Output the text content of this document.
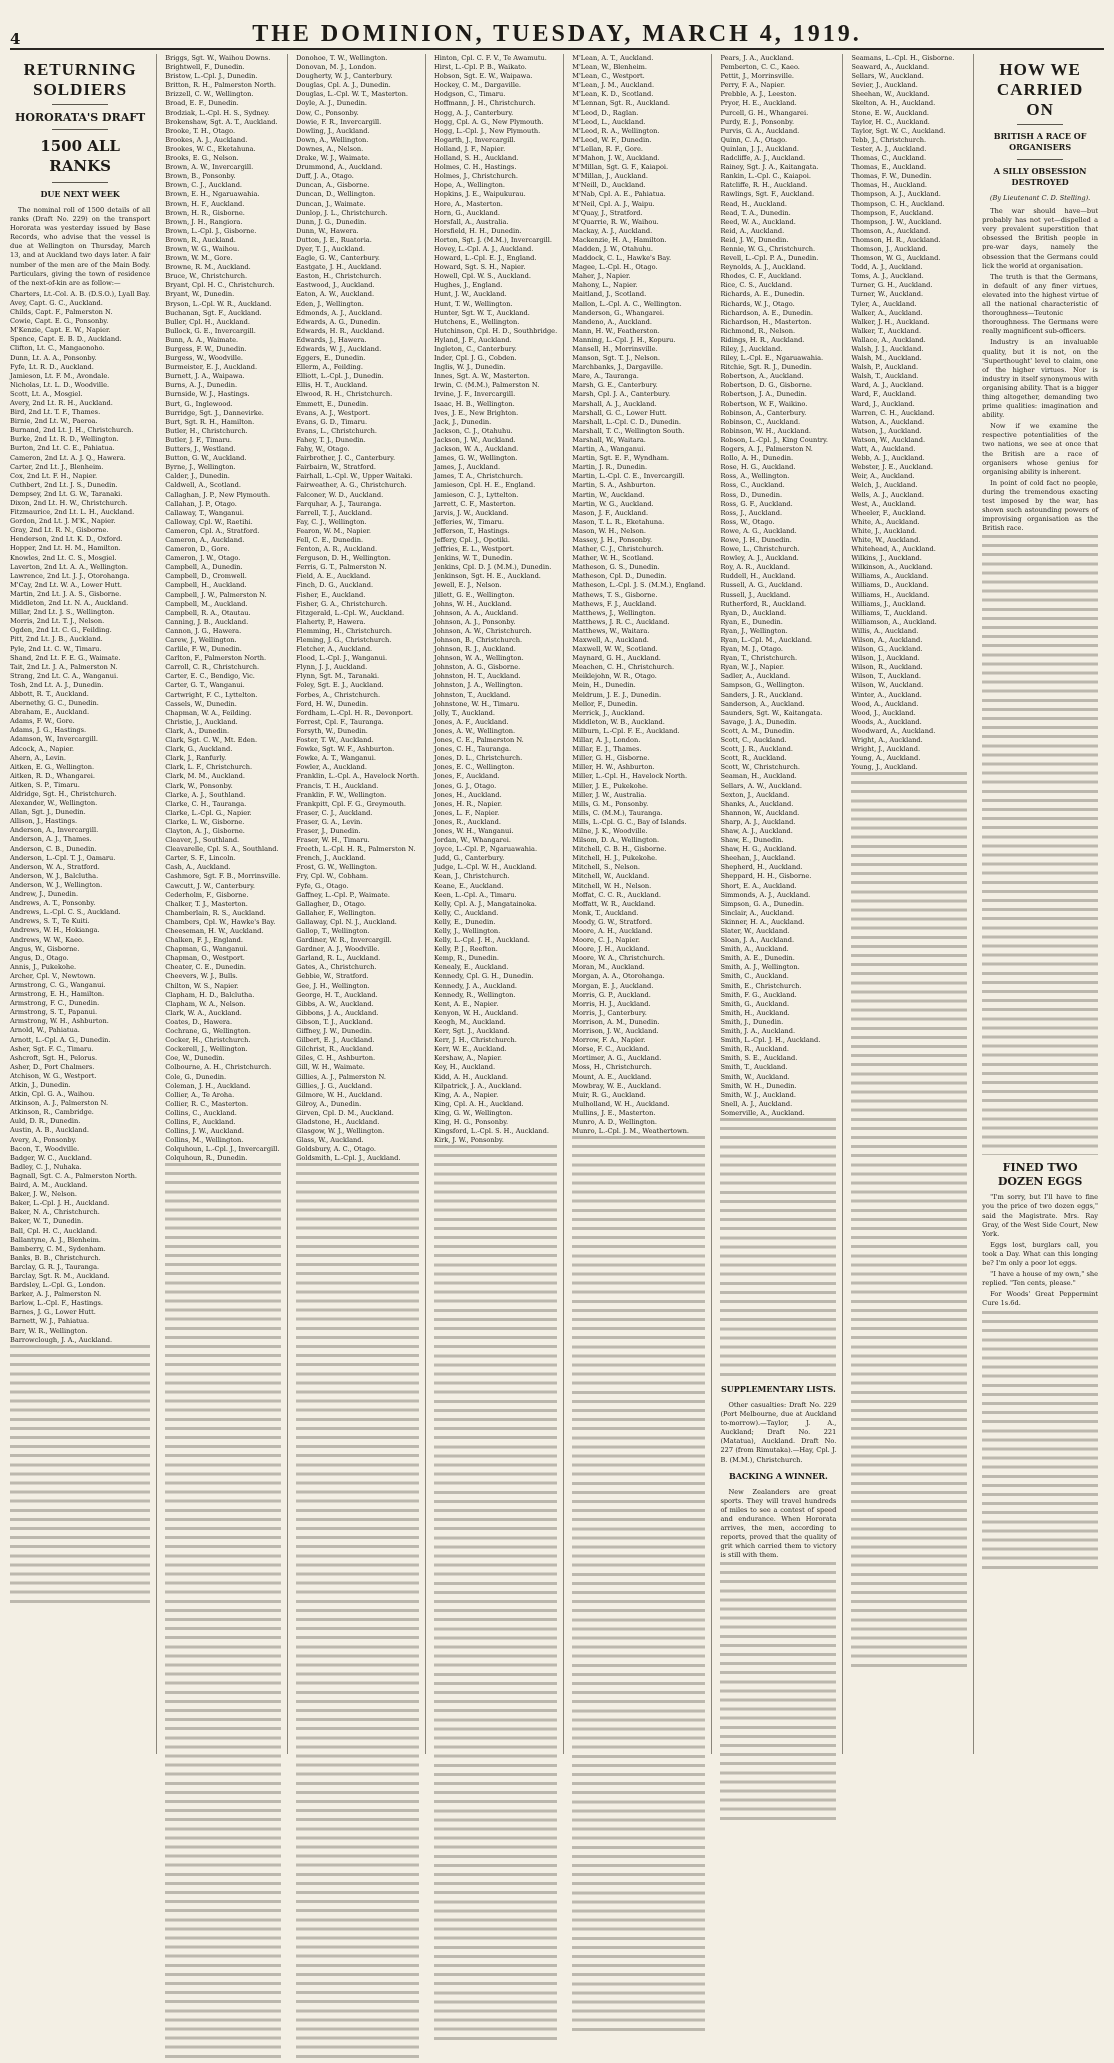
4	THE DOMINION, TUESDAY, MARCH 4, 1919.
RETURNING SOLDIERS
HORORATA'S DRAFT
1500 ALL RANKS
DUE NEXT WEEK
The nominal roll of 1500 details of all ranks (Draft No. 229) on the transport Hororata was yesterday issued by Base Records, who advise that the vessel is due at Wellington on Thursday, March 13, and at Auckland two days later. A fair number of the men are of the Main Body. Particulars, giving the town of residence of the next-of-kin are as follow:—
Charters, Lt.-Col. A. B. (D.S.O.), Lyall Bay.
Avey, Capt. G. C., Auckland.
Childs, Capt. F., Palmerston N.
Cowie, Capt. E. G., Ponsonby.
M'Kenzie, Capt. E. W., Napier.
Spence, Capt. E. B. D., Auckland.
Clifton, Lt. C., Mangaonoho.
Dunn, Lt. A. A., Ponsonby.
Fyfe, Lt. R. D., Auckland.
Jamieson, Lt. F. M., Avondale.
Nicholas, Lt. L. D., Woodville.
Scott, Lt. A., Mosgiel.
Avery, 2nd Lt. R. H., Auckland.
Bird, 2nd Lt. T. F., Thames.
Birnie, 2nd Lt. W., Paeroa.
Burnand, 2nd Lt. J. H., Christchurch.
Burke, 2nd Lt. R. D., Wellington.
Burton, 2nd Lt. C. E., Pahiatua.
Cameron, 2nd Lt. A. J. Q., Hawera.
Carter, 2nd Lt. J., Blenheim.
Cox, 2nd Lt. F. H., Napier.
Cuthbert, 2nd Lt. J. S., Dunedin.
Dempsey, 2nd Lt. G. W., Taranaki.
Dixon, 2nd Lt. H. W., Christchurch.
Fitzmaurice, 2nd Lt. L. H., Auckland.
Gordon, 2nd Lt. J. M'K., Napier.
Gray, 2nd Lt. R. N., Gisborne.
Henderson, 2nd Lt. K. D., Oxford.
Hopper, 2nd Lt. H. M., Hamilton.
Knowles, 2nd Lt. C. S., Mosgiel.
Laverton, 2nd Lt. A. A., Wellington.
Lawrence, 2nd Lt. J. J., Otorohanga.
M'Cay, 2nd Lt. W. A., Lower Hutt.
Martin, 2nd Lt. J. A. S., Gisborne.
Middleton, 2nd Lt. N. A., Auckland.
Millar, 2nd Lt. J. S., Wellington.
Morris, 2nd Lt. T. J., Nelson.
Ogden, 2nd Lt. C. G., Feilding.
Pitt, 2nd Lt. J. B., Auckland.
Pyle, 2nd Lt. C. W., Timaru.
Shand, 2nd Lt. F. E. G., Waimate.
Tait, 2nd Lt. J. A., Palmerston N.
Strang, 2nd Lt. C. A., Wanganui.
Tosh, 2nd Lt. A. J., Dunedin.
Abbott, R. T., Auckland.
Abernethy, G. C., Dunedin.
Abraham, E., Auckland.
Adams, F. W., Gore.
Adams, J. G., Hastings.
Adamson, W., Invercargill.
Adcock, A., Napier.
Ahern, A., Levin.
Aitken, E. G., Wellington.
Aitken, R. D., Whangarei.
Aitken, S. P., Timaru.
Aldridge, Sgt. H., Christchurch.
Alexander, W., Wellington.
Allan, Sgt. J., Dunedin.
Allison, J., Hastings.
Anderson, A., Invercargill.
Anderson, A. J., Thames.
Anderson, C. B., Dunedin.
Anderson, L.-Cpl. T. J., Oamaru.
Anderson, W. A., Stratford.
Anderson, W. J., Balclutha.
Anderson, W. J., Wellington.
Andrew, J., Dunedin.
Andrews, A. T., Ponsonby.
Andrews, L.-Cpl. C. S., Auckland.
Andrews, S. T., Te Kuiti.
Andrews, W. H., Hokianga.
Andrews, W. W., Kaeo.
Angus, W., Gisborne.
Angus, D., Otago.
Annis, J., Pukekohe.
Archer, Cpl. V., Newtown.
Armstrong, C. G., Wanganui.
Armstrong, E. H., Hamilton.
Armstrong, F. C., Dunedin.
Armstrong, S. T., Papanui.
Armstrong, W. H., Ashburton.
Arnold, W., Pahiatua.
Arnott, L.-Cpl. A. G., Dunedin.
Asher, Sgt. F. C., Timaru.
Ashcroft, Sgt. H., Pelorus.
Asher, D., Port Chalmers.
Atchison, W. G., Westport.
Atkin, J., Dunedin.
Atkin, Cpl. G. A., Waihou.
Atkinson, A. J., Palmerston N.
Atkinson, R., Cambridge.
Auld, D. R., Dunedin.
Austin, A. B., Auckland.
Avery, A., Ponsonby.
Bacon, T., Woodville.
Badger, W. C., Auckland.
Badley, C. J., Nuhaka.
Bagnall, Sgt. C. A., Palmerston North.
Baird, A. M., Auckland.
Baker, J. W., Nelson.
Baker, L.-Cpl. J. H., Auckland.
Baker, N. A., Christchurch.
Baker, W. T., Dunedin.
Ball, Cpl. H. C., Auckland.
Ballantyne, A. J., Blenheim.
Bamberry, C. M., Sydenham.
Banks, B. B., Christchurch.
Barclay, G. R. J., Tauranga.
Barclay, Sgt. R. M., Auckland.
Bardsley, L.-Cpl. G., London.
Barker, A. J., Palmerston N.
Barlow, L.-Cpl. F., Hastings.
Barnes, J. G., Lower Hutt.
Barnett, W. J., Pahiatua.
Barr, W. R., Wellington.
Barrowclough, J. A., Auckland.
Briggs, Sgt. W., Waihou Downs.
Brightwell, F., Dunedin.
Bristow, L.-Cpl. J., Dunedin.
Britton, R. H., Palmerston North.
Brizzell, C. W., Wellington.
Broad, E. F., Dunedin.
Brodziak, L.-Cpl. H. S., Sydney.
Brokenshaw, Sgt. A. T., Auckland.
Brooke, T. H., Otago.
Brookes, A. J., Auckland.
Brookes, W. C., Eketahuna.
Brooks, E. G., Nelson.
Brown, A. W., Invercargill.
Brown, B., Ponsonby.
Brown, C. J., Auckland.
Brown, E. H., Ngaruawahia.
Brown, H. F., Auckland.
Brown, H. R., Gisborne.
Brown, J. H., Rangiora.
Brown, L.-Cpl. J., Gisborne.
Brown, R., Auckland.
Brown, W. G., Waihou.
Brown, W. M., Gore.
Browne, R. M., Auckland.
Bruce, W., Christchurch.
Bryant, Cpl. H. C., Christchurch.
Bryant, W., Dunedin.
Bryson, L.-Cpl. W. R., Auckland.
Buchanan, Sgt. F., Auckland.
Buller, Cpl. H., Auckland.
Bullock, G. E., Invercargill.
Bunn, A. A., Waimate.
Burgess, F. W., Dunedin.
Burgess, W., Woodville.
Burmeister, E. J., Auckland.
Burnett, J. A., Waipawa.
Burns, A. J., Dunedin.
Burnside, W. J., Hastings.
Burt, G., Inglewood.
Burridge, Sgt. J., Dannevirke.
Burt, Sgt. R. H., Hamilton.
Butler, H., Christchurch.
Butler, J. F., Timaru.
Butters, J., Westland.
Button, G. W., Auckland.
Byrne, J., Wellington.
Calder, J., Dunedin.
Caldwell, A., Scotland.
Callaghan, J. P., New Plymouth.
Callahan, J. P., Otago.
Callaway, T., Wanganui.
Calloway, Cpl. W., Raetihi.
Cameron, Cpl. A., Stratford.
Cameron, A., Auckland.
Cameron, D., Gore.
Cameron, J. W., Otago.
Campbell, A., Dunedin.
Campbell, D., Cromwell.
Campbell, H., Auckland.
Campbell, J. W., Palmerston N.
Campbell, M., Auckland.
Campbell, R. A., Otautau.
Canning, J. B., Auckland.
Cannon, J. G., Hawera.
Carew, J., Wellington.
Carlile, F. W., Dunedin.
Carlton, F., Palmerston North.
Carroll, C. R., Christchurch.
Carter, E. C., Bendigo, Vic.
Carter, G. T., Wanganui.
Cartwright, F. C., Lyttelton.
Cassels, W., Dunedin.
Chapman, W. A., Feilding.
Christie, J., Auckland.
Clark, A., Dunedin.
Clark, Sgt. C. W., Mt. Eden.
Clark, G., Auckland.
Clark, J., Ranfurly.
Clark, L. F., Christchurch.
Clark, M. M., Auckland.
Clark, W., Ponsonby.
Clarke, A. J., Southland.
Clarke, C. H., Tauranga.
Clarke, L.-Cpl. G., Napier.
Clarke, L. W., Gisborne.
Clayton, A. J., Gisborne.
Cleaver, J., Southland.
Cleavarelle, Cpl. S. A., Southland.
Carter, S. F., Lincoln.
Cash, A., Auckland.
Cashmore, Sgt. F. B., Morrinsville.
Cawcutt, J. W., Canterbury.
Cederholm, F., Gisborne.
Chalker, T. J., Masterton.
Chamberlain, R. S., Auckland.
Chambers, Cpl. W., Hawke's Bay.
Cheeseman, H. W., Auckland.
Chalken, F. J., England.
Chapman, G., Wanganui.
Chapman, O., Westport.
Cheater, C. E., Dunedin.
Cheevers, W. J., Bulls.
Chilton, W. S., Napier.
Clapham, H. D., Balclutha.
Clapham, W. A., Nelson.
Clark, W. A., Auckland.
Coates, D., Hawera.
Cochrane, G., Wellington.
Cocker, H., Christchurch.
Cockerell, J., Wellington.
Coe, W., Dunedin.
Colbourne, A. H., Christchurch.
Cole, G., Dunedin.
Coleman, J. H., Auckland.
Collier, A., Te Aroha.
Collier, R. C., Masterton.
Collins, C., Auckland.
Collins, F., Auckland.
Collins, J. W., Auckland.
Collins, M., Wellington.
Colquhoun, L.-Cpl. J., Invercargill.
Colquhoun, R., Dunedin.
Donohoe, T. W., Wellington.
Donovan, M. J., London.
Dougherty, W. J., Canterbury.
Douglas, Cpl. A. J., Dunedin.
Douglas, L.-Cpl. W. T., Masterton.
Doyle, A. J., Dunedin.
Dow, C., Ponsonby.
Dowie, F. R., Invercargill.
Dowling, J., Auckland.
Down, A., Wellington.
Downes, A., Nelson.
Drake, W. J., Waimate.
Drummond, A., Auckland.
Duff, J. A., Otago.
Duncan, A., Gisborne.
Duncan, D., Wellington.
Duncan, J., Waimate.
Dunlop, J. L., Christchurch.
Dunn, J. G., Dunedin.
Dunn, W., Hawera.
Dutton, J. E., Ruatoria.
Dyer, T. J., Auckland.
Eagle, G. W., Canterbury.
Eastgate, J. H., Auckland.
Easton, H., Christchurch.
Eastwood, J., Auckland.
Eaton, A. W., Auckland.
Eden, J., Wellington.
Edmonds, A. J., Auckland.
Edwards, A. G., Dunedin.
Edwards, H. R., Auckland.
Edwards, J., Hawera.
Edwards, W. J., Auckland.
Eggers, E., Dunedin.
Ellerm, A., Feilding.
Elliott, L.-Cpl. J., Dunedin.
Ellis, H. T., Auckland.
Elwood, R. H., Christchurch.
Emmett, E., Dunedin.
Evans, A. J., Westport.
Evans, G. D., Timaru.
Evans, L., Christchurch.
Fahey, T. J., Dunedin.
Fahy, W., Otago.
Fairbrother, J. C., Canterbury.
Fairbairn, W., Stratford.
Fairhall, L.-Cpl. W., Upper Waitaki.
Fairweather, A. G., Christchurch.
Falconer, W. D., Auckland.
Farquhar, A. J., Tauranga.
Farrell, T. J., Auckland.
Fay, C. J., Wellington.
Fearon, W. M., Napier.
Fell, C. E., Dunedin.
Fenton, A. R., Auckland.
Ferguson, D. H., Wellington.
Ferris, G. T., Palmerston N.
Field, A. E., Auckland.
Finch, D. G., Auckland.
Fisher, E., Auckland.
Fisher, G. A., Christchurch.
Fitzgerald, L.-Cpl. W., Auckland.
Flaherty, P., Hawera.
Flemming, H., Christchurch.
Fleming, J. G., Christchurch.
Fletcher, A., Auckland.
Flood, L.-Cpl. J., Wanganui.
Flynn, J. J., Auckland.
Flynn, Sgt. M., Taranaki.
Foley, Sgt. E. J., Auckland.
Forbes, A., Christchurch.
Ford, H. W., Dunedin.
Fordham, L.-Cpl. H. R., Devonport.
Forrest, Cpl. F., Tauranga.
Forsyth, W., Dunedin.
Foster, T. W., Auckland.
Fowke, Sgt. W. F., Ashburton.
Fowke, A. T., Wanganui.
Fowler, A., Auckland.
Franklin, L.-Cpl. A., Havelock North.
Francis, T. H., Auckland.
Franklin, F. W., Wellington.
Frankpitt, Cpl. F. G., Greymouth.
Fraser, C. J., Auckland.
Fraser, G. A., Levin.
Fraser, J., Dunedin.
Fraser, W. H., Timaru.
Freeth, L.-Cpl. H. R., Palmerston N.
French, J., Auckland.
Frost, G. W., Wellington.
Fry, Cpl. W., Cobham.
Fyfe, G., Otago.
Gaffney, L.-Cpl. P., Waimate.
Gallagher, D., Otago.
Gallaher, F., Wellington.
Gallaway, Cpl. N. J., Auckland.
Gallop, T., Wellington.
Gardiner, W. R., Invercargill.
Gardner, A. J., Woodville.
Garland, R. L., Auckland.
Gates, A., Christchurch.
Gebbie, W., Stratford.
Gee, J. H., Wellington.
George, H. T., Auckland.
Gibbs, A. W., Auckland.
Gibbons, J. A., Auckland.
Gibson, T. J., Auckland.
Giffney, J. W., Dunedin.
Gilbert, E. J., Auckland.
Gilchrist, R., Auckland.
Giles, C. H., Ashburton.
Gill, W. H., Waimate.
Gillies, A. J., Palmerston N.
Gillies, J. G., Auckland.
Gilmore, W. H., Auckland.
Gilroy, A., Dunedin.
Girven, Cpl. D. M., Auckland.
Gladstone, H., Auckland.
Glasgow, W. J., Wellington.
Glass, W., Auckland.
Goldsbury, A. C., Otago.
Goldsmith, L.-Cpl. J., Auckland.
Hinton, Cpl. C. F. V., Te Awamutu.
Hirst, L.-Cpl. P. B., Waikato.
Hobson, Sgt. E. W., Waipawa.
Hockey, C. M., Dargaville.
Hodgson, C., Timaru.
Hoffmann, J. H., Christchurch.
Hogg, A. J., Canterbury.
Hogg, Cpl. A. G., New Plymouth.
Hogg, L.-Cpl. J., New Plymouth.
Hogarth, J., Invercargill.
Holland, J. F., Napier.
Holland, S. H., Auckland.
Holmes, C. H., Hastings.
Holmes, J., Christchurch.
Hope, A., Wellington.
Hopkins, J. E., Waipukurau.
Hore, A., Masterton.
Horn, G., Auckland.
Horsfall, A., Australia.
Horsfield, H. H., Dunedin.
Horton, Sgt. J. (M.M.), Invercargill.
Hovey, L.-Cpl. A. J., Auckland.
Howard, L.-Cpl. E. J., England.
Howard, Sgt. S. H., Napier.
Howell, Cpl. W. S., Auckland.
Hughes, J., England.
Hunt, J. W., Auckland.
Hunt, T. W., Wellington.
Hunter, Sgt. W. T., Auckland.
Hutchens, E., Wellington.
Hutchinson, Cpl. H. D., Southbridge.
Hyland, J. F., Auckland.
Ingleton, C., Canterbury.
Inder, Cpl. J. G., Cobden.
Inglis, W. J., Dunedin.
Innes, Sgt. A. W., Masterton.
Irwin, C. (M.M.), Palmerston N.
Irvine, J. F., Invercargill.
Isaac, H. B., Wellington.
Ives, J. E., New Brighton.
Jack, J., Dunedin.
Jackson, C. J., Otahuhu.
Jackson, J. W., Auckland.
Jackson, W. A., Auckland.
James, G. W., Wellington.
James, J., Auckland.
James, T. A., Christchurch.
Jamieson, Cpl. H. E., England.
Jamieson, C. J., Lyttelton.
Jarrett, C. F., Masterton.
Jarvis, J. W., Auckland.
Jefferies, W., Timaru.
Jefferson, T., Hastings.
Jeffery, Cpl. J., Opotiki.
Jeffries, E. L., Westport.
Jenkins, W. T., Dunedin.
Jenkins, Cpl. D. J. (M.M.), Dunedin.
Jenkinson, Sgt. H. E., Auckland.
Jewell, E. J., Nelson.
Jillett, G. E., Wellington.
Johns, W. H., Auckland.
Johnson, A. A., Auckland.
Johnson, A. J., Ponsonby.
Johnson, A. W., Christchurch.
Johnson, B., Christchurch.
Johnson, R. J., Auckland.
Johnson, W. A., Wellington.
Johnston, A. G., Gisborne.
Johnston, H. T., Auckland.
Johnston, J. A., Wellington.
Johnston, T., Auckland.
Johnstone, W. H., Timaru.
Jolly, T., Auckland.
Jones, A. F., Auckland.
Jones, A. W., Wellington.
Jones, C. E., Palmerston N.
Jones, C. H., Tauranga.
Jones, D. L., Christchurch.
Jones, E. C., Wellington.
Jones, F., Auckland.
Jones, G. J., Otago.
Jones, H., Auckland.
Jones, H. R., Napier.
Jones, L. F., Napier.
Jones, R., Auckland.
Jones, W. H., Wanganui.
Jordan, W., Whangarei.
Joyce, L.-Cpl. P., Ngaruawahia.
Judd, G., Canterbury.
Judge, L.-Cpl. W. H., Auckland.
Kean, J., Christchurch.
Keane, E., Auckland.
Keen, L.-Cpl. A., Timaru.
Kelly, Cpl. A. J., Mangatainoka.
Kelly, C., Auckland.
Kelly, E., Dunedin.
Kelly, J., Wellington.
Kelly, L.-Cpl. J. H., Auckland.
Kelly, P. J., Reefton.
Kemp, R., Dunedin.
Kenealy, E., Auckland.
Kennedy, Cpl. G. H., Dunedin.
Kennedy, J. A., Auckland.
Kennedy, R., Wellington.
Kent, A. E., Napier.
Kenyon, W. H., Auckland.
Keogh, M., Auckland.
Kerr, Sgt. J., Auckland.
Kerr, J. H., Christchurch.
Kerr, W. E., Auckland.
Kershaw, A., Napier.
Key, H., Auckland.
Kidd, A. H., Auckland.
Kilpatrick, J. A., Auckland.
King, A. A., Napier.
King, Cpl. A. H., Auckland.
King, G. W., Wellington.
King, H. G., Ponsonby.
Kingsford, L.-Cpl. S. H., Auckland.
Kirk, J. W., Ponsonby.
M'Lean, A. T., Auckland.
M'Lean, W., Blenheim.
M'Lean, C., Westport.
M'Lean, J. M., Auckland.
M'Lean, K. D., Scotland.
M'Lennan, Sgt. R., Auckland.
M'Leod, D., Raglan.
M'Leod, L., Auckland.
M'Leod, R. A., Wellington.
M'Leod, W. F., Dunedin.
M'Lellan, R. F., Gore.
M'Mahon, J. W., Auckland.
M'Millan, Sgt. G. F., Kaiapoi.
M'Millan, J., Auckland.
M'Neill, D., Auckland.
M'Nab, Cpl. A. E., Pahiatua.
M'Neil, Cpl. A. J., Waipu.
M'Quay, J., Stratford.
M'Quarrie, R. W., Waihou.
Mackay, A. J., Auckland.
Mackenzie, H. A., Hamilton.
Madden, J. W., Otahuhu.
Maddock, C. L., Hawke's Bay.
Magee, L.-Cpl. H., Otago.
Maher, J., Napier.
Mahony, L., Napier.
Maitland, J., Scotland.
Mallon, L.-Cpl. A. C., Wellington.
Manderson, G., Whangarei.
Mandeno, A., Auckland.
Mann, H. W., Featherston.
Manning, L.-Cpl. J. H., Kopuru.
Mansell, H., Morrinsville.
Manson, Sgt. T. J., Nelson.
Marchbanks, J., Dargaville.
Mare, A., Tauranga.
Marsh, G. E., Canterbury.
Marsh, Cpl. J. A., Canterbury.
Marshall, A. J., Auckland.
Marshall, G. C., Lower Hutt.
Marshall, L.-Cpl. C. D., Dunedin.
Marshall, T. C., Wellington South.
Marshall, W., Waitara.
Martin, A., Wanganui.
Martin, Sgt. E. F., Wyndham.
Martin, J. R., Dunedin.
Martin, L.-Cpl. C. E., Invercargill.
Martin, S. A., Ashburton.
Martin, W., Auckland.
Martin, W. G., Auckland.
Mason, J. F., Auckland.
Mason, T. L. R., Eketahuna.
Mason, W. H., Nelson.
Massey, J. H., Ponsonby.
Mather, C. J., Christchurch.
Mather, W. H., Scotland.
Matheson, G. S., Dunedin.
Matheson, Cpl. D., Dunedin.
Matheson, L.-Cpl. J. S. (M.M.), England.
Mathews, T. S., Gisborne.
Mathews, F. J., Auckland.
Matthews, J., Wellington.
Matthews, J. R. C., Auckland.
Matthews, W., Waitara.
Maxwell, A., Auckland.
Maxwell, W. W., Scotland.
Maynard, G. H., Auckland.
Meachen, C. H., Christchurch.
Meiklejohn, W. R., Otago.
Mein, H., Dunedin.
Meldrum, J. E. J., Dunedin.
Mellor, F., Dunedin.
Merrick, J., Auckland.
Middleton, W. B., Auckland.
Milburn, L.-Cpl. F. E., Auckland.
Millar, A. J., London.
Millar, E. J., Thames.
Miller, G. H., Gisborne.
Miller, H. W., Ashburton.
Miller, L.-Cpl. H., Havelock North.
Miller, J. E., Pukekohe.
Miller, J. W., Australia.
Mills, G. M., Ponsonby.
Mills, C. (M.M.), Tauranga.
Mills, L.-Cpl. G. C., Bay of Islands.
Milne, J. K., Woodville.
Milsom, D. A., Wellington.
Mitchell, C. B. H., Gisborne.
Mitchell, H. J., Pukekohe.
Mitchell, S., Nelson.
Mitchell, W., Auckland.
Mitchell, W. H., Nelson.
Moffat, C. C. R., Auckland.
Moffatt, W. R., Auckland.
Monk, T., Auckland.
Moody, G. W., Stratford.
Moore, A. H., Auckland.
Moore, C. J., Napier.
Moore, J. H., Auckland.
Moore, W. A., Christchurch.
Moran, M., Auckland.
Morgan, A. A., Otorohanga.
Morgan, E. J., Auckland.
Morris, G. P., Auckland.
Morris, H. J., Auckland.
Morris, J., Canterbury.
Morrison, A. M., Dunedin.
Morrison, J. W., Auckland.
Morrow, F. A., Napier.
Morse, F. C., Auckland.
Mortimer, A. G., Auckland.
Moss, H., Christchurch.
Mount, A. E., Auckland.
Mowbray, W. E., Auckland.
Muir, R. G., Auckland.
Mulholland, W. H., Auckland.
Mullins, J. E., Masterton.
Munro, A. D., Wellington.
Munro, L.-Cpl. J. M., Weathertown.
Pears, J. A., Auckland.
Pemberton, C. C., Kaeo.
Pettit, J., Morrinsville.
Perry, F. A., Napier.
Prebble, A. J., Leeston.
Pryor, H. E., Auckland.
Purcell, G. H., Whangarei.
Purdy, E. J., Ponsonby.
Purvis, G. A., Auckland.
Quinn, C. A., Otago.
Quinlan, J. J., Auckland.
Radcliffe, A. J., Auckland.
Rainey, Sgt. J. A., Kaitangata.
Rankin, L.-Cpl. C., Kaiapoi.
Ratcliffe, R. H., Auckland.
Rawlings, Sgt. F., Auckland.
Read, H., Auckland.
Read, T. A., Dunedin.
Reed, W. A., Auckland.
Reid, A., Auckland.
Reid, J. W., Dunedin.
Rennie, W. G., Christchurch.
Revell, L.-Cpl. P. A., Dunedin.
Reynolds, A. J., Auckland.
Rhodes, C. F., Auckland.
Rice, C. S., Auckland.
Richards, A. E., Dunedin.
Richards, W. J., Otago.
Richardson, A. E., Dunedin.
Richardson, H., Masterton.
Richmond, R., Nelson.
Ridings, H. R., Auckland.
Riley, J., Auckland.
Riley, L.-Cpl. E., Ngaruawahia.
Ritchie, Sgt. R. J., Dunedin.
Robertson, A., Auckland.
Robertson, D. G., Gisborne.
Robertson, J. A., Dunedin.
Robertson, W. F., Waikino.
Robinson, A., Canterbury.
Robinson, C., Auckland.
Robinson, W. H., Auckland.
Robson, L.-Cpl. J., King Country.
Rogers, A. J., Palmerston N.
Rollo, A. H., Dunedin.
Rose, H. G., Auckland.
Ross, A., Wellington.
Ross, C., Auckland.
Ross, D., Dunedin.
Ross, G. F., Auckland.
Ross, J., Auckland.
Ross, W., Otago.
Rowe, A. G., Auckland.
Rowe, J. H., Dunedin.
Rowe, L., Christchurch.
Rowley, A. J., Auckland.
Roy, A. R., Auckland.
Ruddell, H., Auckland.
Russell, A. G., Auckland.
Russell, J., Auckland.
Rutherford, R., Auckland.
Ryan, D., Auckland.
Ryan, E., Dunedin.
Ryan, J., Wellington.
Ryan, L.-Cpl. M., Auckland.
Ryan, M. J., Otago.
Ryan, T., Christchurch.
Ryan, W. J., Napier.
Sadler, A., Auckland.
Sampson, G., Wellington.
Sanders, J. R., Auckland.
Sanderson, A., Auckland.
Saunders, Sgt. W., Kaitangata.
Savage, J. A., Dunedin.
Scott, A. M., Dunedin.
Scott, C., Auckland.
Scott, J. R., Auckland.
Scott, R., Auckland.
Scott, W., Christchurch.
Seaman, H., Auckland.
Sellars, A. W., Auckland.
Sexton, J., Auckland.
Shanks, A., Auckland.
Shannon, W., Auckland.
Sharp, A. J., Auckland.
Shaw, A. J., Auckland.
Shaw, E., Dunedin.
Shaw, H. G., Auckland.
Sheehan, J., Auckland.
Shepherd, H., Auckland.
Sheppard, H. H., Gisborne.
Short, E. A., Auckland.
Simmonds, A. J., Auckland.
Simpson, G. A., Dunedin.
Sinclair, A., Auckland.
Skinner, H. A., Auckland.
Slater, W., Auckland.
Sloan, J. A., Auckland.
Smith, A., Auckland.
Smith, A. E., Dunedin.
Smith, A. J., Wellington.
Smith, C., Auckland.
Smith, E., Christchurch.
Smith, F. G., Auckland.
Smith, G., Auckland.
Smith, H., Auckland.
Smith, J., Dunedin.
Smith, J. A., Auckland.
Smith, L.-Cpl. J. H., Auckland.
Smith, R., Auckland.
Smith, S. E., Auckland.
Smith, T., Auckland.
Smith, W., Auckland.
Smith, W. H., Dunedin.
Smith, W. J., Auckland.
Snell, A. J., Auckland.
Somerville, A., Auckland.
SUPPLEMENTARY LISTS.
Other casualties: Draft No. 229 (Port Melbourne, due at Auckland to-morrow).—Taylor, J. A., Auckland; Draft No. 221 (Matatua), Auckland. Draft No. 227 (from Rimutaka).—Hay, Cpl. J. B. (M.M.), Christchurch.
BACKING A WINNER.
New Zealanders are great sports. They will travel hundreds of miles to see a contest of speed and endurance. When Hororata arrives, the men, according to reports, proved that the quality of grit which carried them to victory is still with them.
Seamans, L.-Cpl. H., Gisborne.
Seaward, A., Auckland.
Sellars, W., Auckland.
Sevier, J., Auckland.
Sheehan, W., Auckland.
Skelton, A. H., Auckland.
Stone, E. W., Auckland.
Taylor, H. C., Auckland.
Taylor, Sgt. W. C., Auckland.
Tebb, J., Christchurch.
Tester, A. J., Auckland.
Thomas, C., Auckland.
Thomas, E., Auckland.
Thomas, F. W., Dunedin.
Thomas, H., Auckland.
Thompson, A. J., Auckland.
Thompson, C. H., Auckland.
Thompson, F., Auckland.
Thompson, J. W., Auckland.
Thomson, A., Auckland.
Thomson, H. R., Auckland.
Thomson, J., Auckland.
Thomson, W. G., Auckland.
Todd, A. J., Auckland.
Toms, A. J., Auckland.
Turner, G. H., Auckland.
Turner, W., Auckland.
Tyler, A., Auckland.
Walker, A., Auckland.
Walker, J. H., Auckland.
Walker, T., Auckland.
Wallace, A., Auckland.
Walsh, J. J., Auckland.
Walsh, M., Auckland.
Walsh, P., Auckland.
Walsh, T., Auckland.
Ward, A. J., Auckland.
Ward, F., Auckland.
Ward, J., Auckland.
Warren, C. H., Auckland.
Watson, A., Auckland.
Watson, J., Auckland.
Watson, W., Auckland.
Watt, A., Auckland.
Webb, A. J., Auckland.
Webster, J. E., Auckland.
Weir, A., Auckland.
Welch, J., Auckland.
Wells, A. J., Auckland.
West, A., Auckland.
Wheeler, F., Auckland.
White, A., Auckland.
White, J., Auckland.
White, W., Auckland.
Whitehead, A., Auckland.
Wilkins, J., Auckland.
Wilkinson, A., Auckland.
Williams, A., Auckland.
Williams, D., Auckland.
Williams, H., Auckland.
Williams, J., Auckland.
Williams, T., Auckland.
Williamson, A., Auckland.
Willis, A., Auckland.
Wilson, A., Auckland.
Wilson, G., Auckland.
Wilson, J., Auckland.
Wilson, R., Auckland.
Wilson, T., Auckland.
Wilson, W., Auckland.
Winter, A., Auckland.
Wood, A., Auckland.
Wood, J., Auckland.
Woods, A., Auckland.
Woodward, A., Auckland.
Wright, A., Auckland.
Wright, J., Auckland.
Young, A., Auckland.
Young, J., Auckland.
HOW WE CARRIED ON
BRITISH A RACE OF ORGANISERS
A SILLY OBSESSION DESTROYED
(By Lieutenant C. D. Stelling).
The war should have—but probably has not yet—dispelled a very prevalent superstition that obsessed the British people in pre-war days, namely the obsession that the Germans could lick the world at organisation.
The truth is that the Germans, in default of any finer virtues, elevated into the highest virtue of all the national characteristic of thoroughness—Teutonic thoroughness. The Germans were really magnificent sub-officers.
Industry is an invaluable quality, but it is not, on the 'Superthought' level to claim, one of the higher virtues. Nor is industry in itself synonymous with organising ability. That is a bigger thing altogether, demanding two prime qualities: imagination and ability.
Now if we examine the respective potentialities of the two nations, we see at once that the British are a race of organisers whose genius for organising ability is inherent.
In point of cold fact no people, during the tremendous exacting test imposed by the war, has shown such astounding powers of improvising organisation as the British race.
FINED TWO DOZEN EGGS
"I'm sorry, but I'll have to fine you the price of two dozen eggs," said the Magistrate. Mrs. Ray Gray, of the West Side Court, New York.
Eggs lost, burglars call, you took a Day. What can this longing be? I'm only a poor lot eggs.
"I have a house of my own," she replied. "Ten cents, please."
For Woods' Great Peppermint Cure 1s.6d.
